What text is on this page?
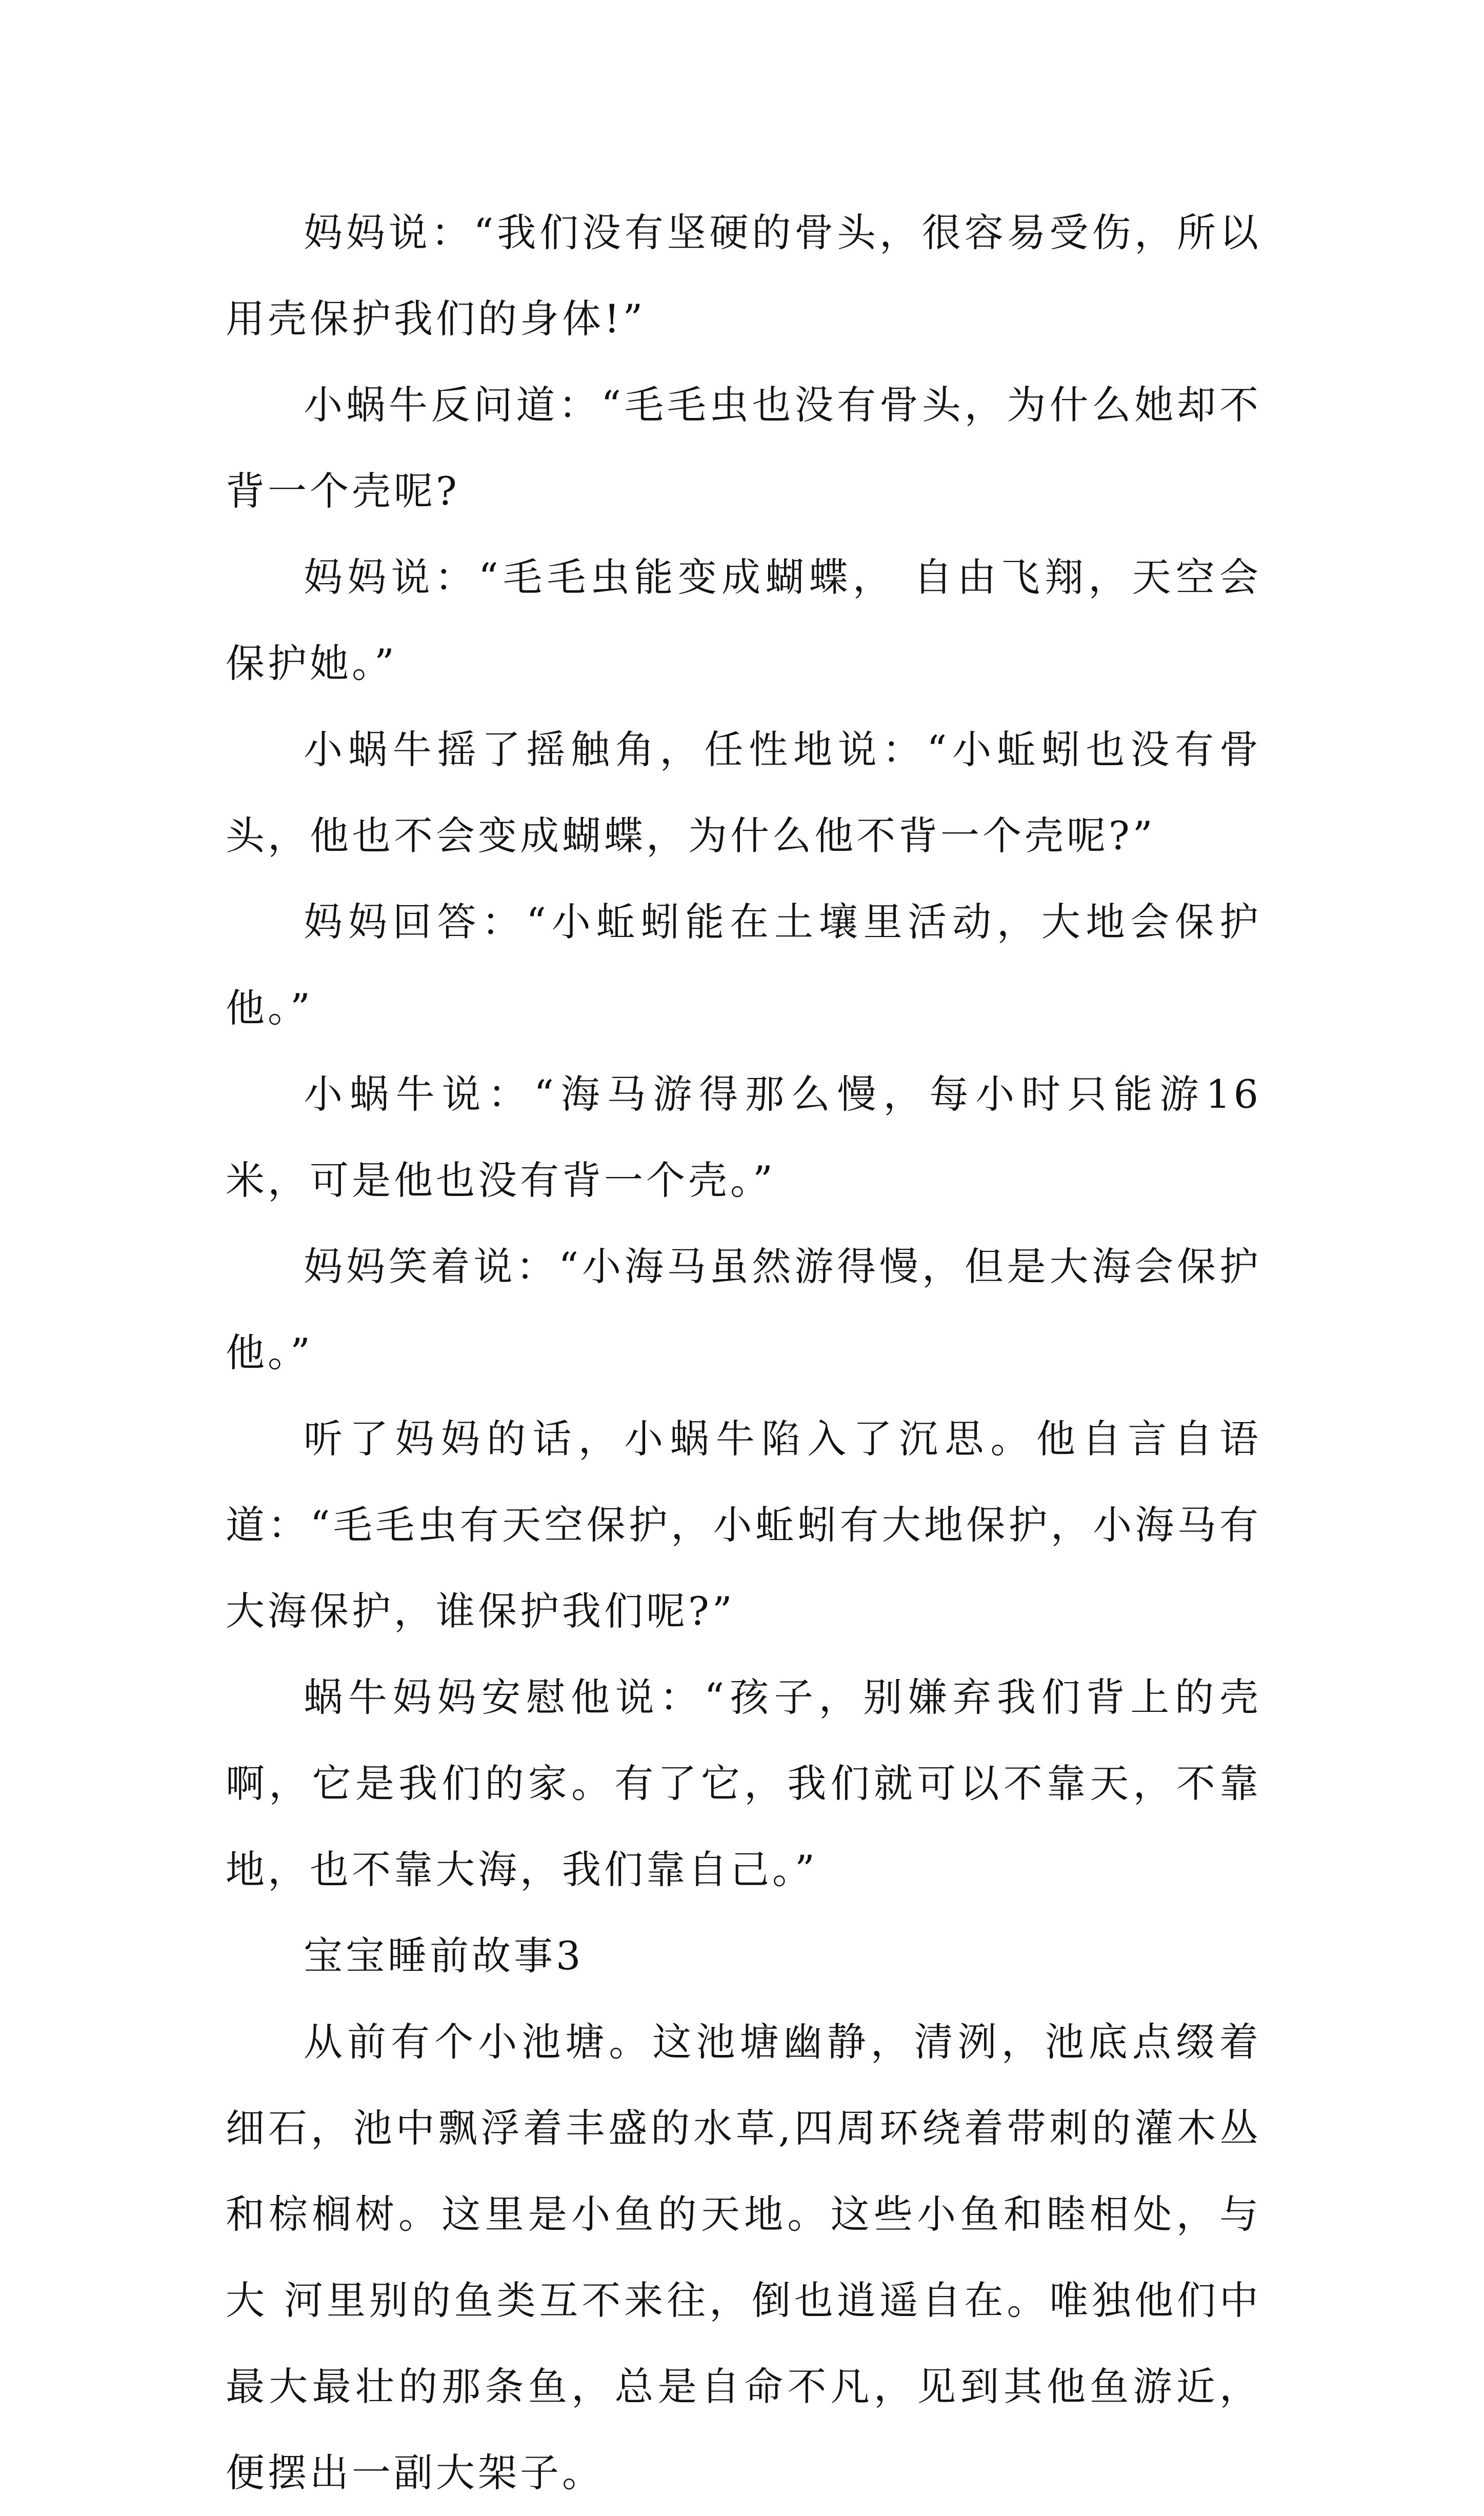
妈妈说：“我们没有坚硬的骨头，很容易受伤，所以用壳保护我们的身体!”

小蜗牛反问道：“毛毛虫也没有骨头，为什么她却不背一个壳呢?

妈妈说：“毛毛虫能变成蝴蝶， 自由飞翔，天空会保护她。”

小蜗牛摇了摇触角，任性地说：“小蚯蚓也没有骨头，他也不会变成蝴蝶，为什么他不背一个壳呢?”

妈妈回答：“小蚯蚓能在土壤里活动，大地会保护他。”

小蜗牛说：“海马游得那么慢，每小时只能游16米，可是他也没有背一个壳。”

妈妈笑着说：“小海马虽然游得慢，但是大海会保护他。”

听了妈妈的话，小蜗牛陷入了沉思。他自言自语道：“毛毛虫有天空保护，小蚯蚓有大地保护，小海马有大海保护，谁保护我们呢?”

蜗牛妈妈安慰他说：“孩子，别嫌弃我们背上的壳啊，它是我们的家。有了它，我们就可以不靠天，不靠地，也不靠大海，我们靠自己。”

宝宝睡前故事3

从前有个小池塘。这池塘幽静，清洌，池底点缀着细石，池中飘浮着丰盛的水草,四周环绕着带刺的灌木丛和棕榈树。这里是小鱼的天地。这些小鱼和睦相处，与大 河里别的鱼类互不来往，倒也逍遥自在。唯独他们中最大最壮的那条鱼，总是自命不凡，见到其他鱼游近，便摆出一副大架子。
